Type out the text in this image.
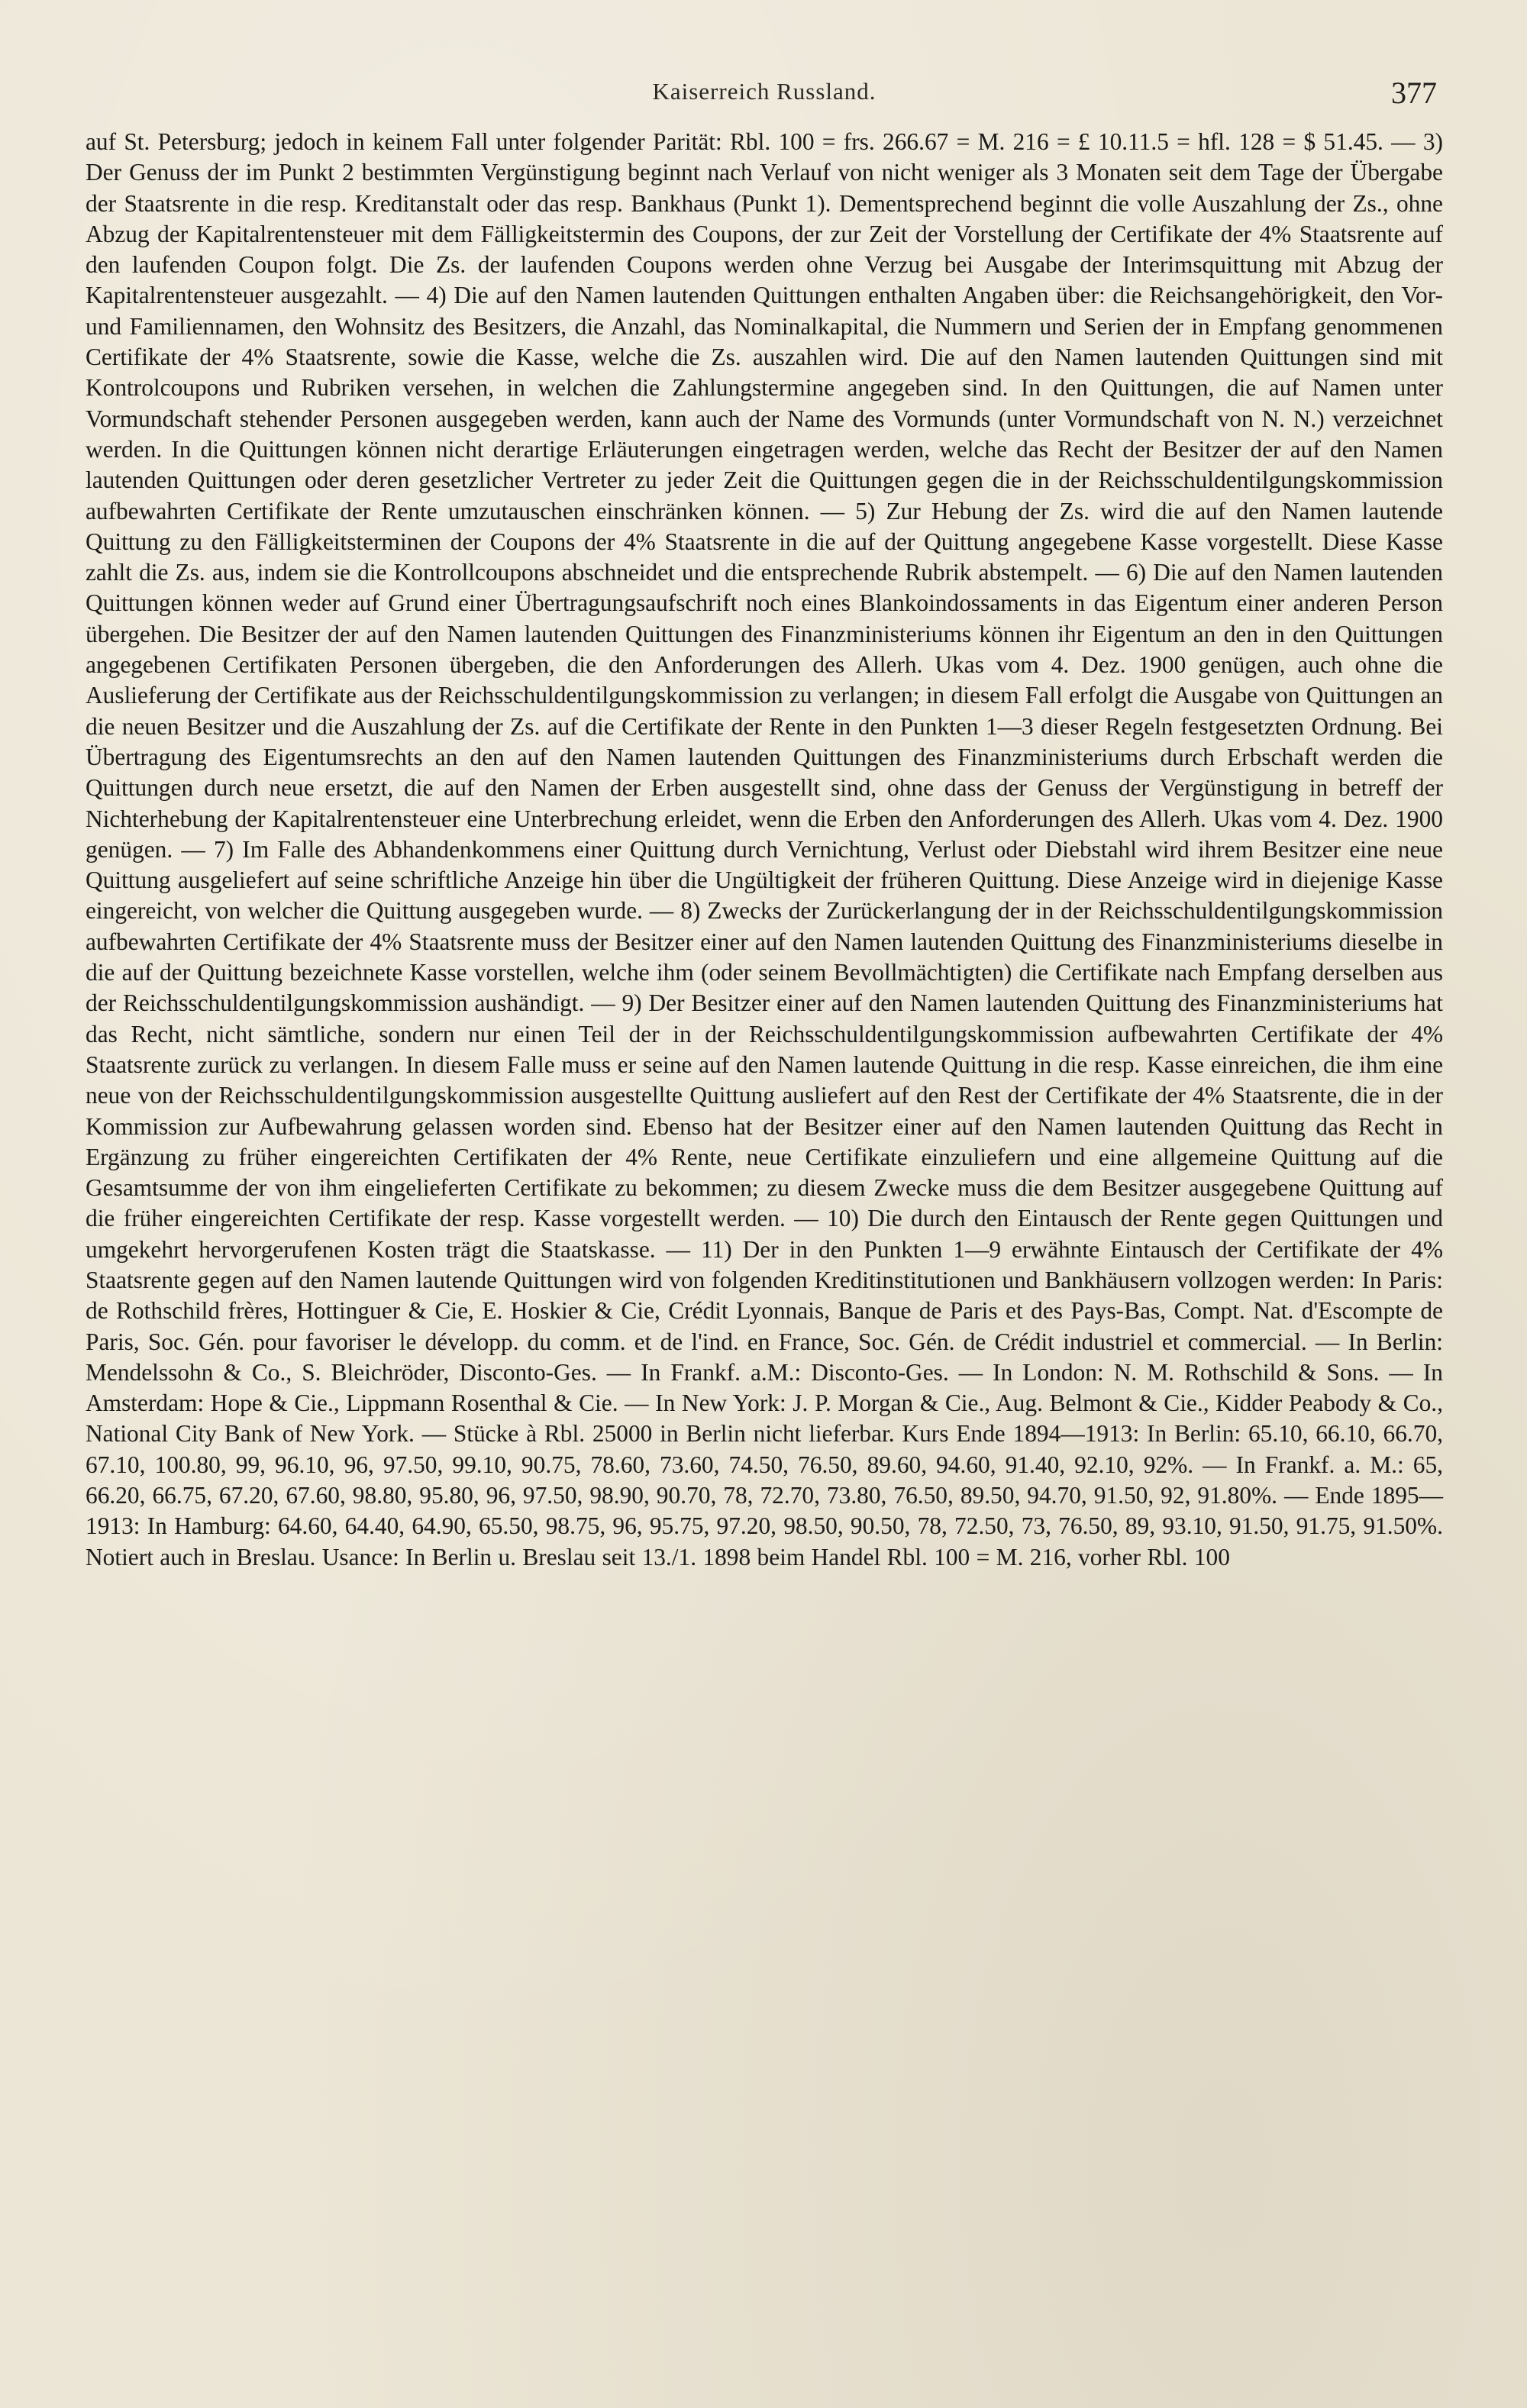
Kaiserreich Russland.	377

auf St. Petersburg; jedoch in keinem Fall unter folgender Parität: Rbl. 100 = frs. 266.67 = M. 216 = £ 10.11.5 = hfl. 128 = $ 51.45. — 3) Der Genuss der im Punkt 2 bestimmten Vergünstigung beginnt nach Verlauf von nicht weniger als 3 Monaten seit dem Tage der Übergabe der Staatsrente in die resp. Kreditanstalt oder das resp. Bankhaus (Punkt 1). Dementsprechend beginnt die volle Auszahlung der Zs., ohne Abzug der Kapitalrentensteuer mit dem Fälligkeitstermin des Coupons, der zur Zeit der Vorstellung der Certifikate der 4% Staatsrente auf den laufenden Coupon folgt. Die Zs. der laufenden Coupons werden ohne Verzug bei Ausgabe der Interimsquittung mit Abzug der Kapitalrentensteuer ausgezahlt. — 4) Die auf den Namen lautenden Quittungen enthalten Angaben über: die Reichsangehörigkeit, den Vor- und Familiennamen, den Wohnsitz des Besitzers, die Anzahl, das Nominalkapital, die Nummern und Serien der in Empfang genommenen Certifikate der 4% Staatsrente, sowie die Kasse, welche die Zs. auszahlen wird. Die auf den Namen lautenden Quittungen sind mit Kontrolcoupons und Rubriken versehen, in welchen die Zahlungstermine angegeben sind. In den Quittungen, die auf Namen unter Vormundschaft stehender Personen ausgegeben werden, kann auch der Name des Vormunds (unter Vormundschaft von N. N.) verzeichnet werden. In die Quittungen können nicht derartige Erläuterungen eingetragen werden, welche das Recht der Besitzer der auf den Namen lautenden Quittungen oder deren gesetzlicher Vertreter zu jeder Zeit die Quittungen gegen die in der Reichsschuldentilgungskommission aufbewahrten Certifikate der Rente umzutauschen einschränken können. — 5) Zur Hebung der Zs. wird die auf den Namen lautende Quittung zu den Fälligkeitsterminen der Coupons der 4% Staatsrente in die auf der Quittung angegebene Kasse vorgestellt. Diese Kasse zahlt die Zs. aus, indem sie die Kontrollcoupons abschneidet und die entsprechende Rubrik abstempelt. — 6) Die auf den Namen lautenden Quittungen können weder auf Grund einer Übertragungsaufschrift noch eines Blankoindossaments in das Eigentum einer anderen Person übergehen. Die Besitzer der auf den Namen lautenden Quittungen des Finanzministeriums können ihr Eigentum an den in den Quittungen angegebenen Certifikaten Personen übergeben, die den Anforderungen des Allerh. Ukas vom 4. Dez. 1900 genügen, auch ohne die Auslieferung der Certifikate aus der Reichsschuldentilgungskommission zu verlangen; in diesem Fall erfolgt die Ausgabe von Quittungen an die neuen Besitzer und die Auszahlung der Zs. auf die Certifikate der Rente in den Punkten 1—3 dieser Regeln festgesetzten Ordnung. Bei Übertragung des Eigentumsrechts an den auf den Namen lautenden Quittungen des Finanzministeriums durch Erbschaft werden die Quittungen durch neue ersetzt, die auf den Namen der Erben ausgestellt sind, ohne dass der Genuss der Vergünstigung in betreff der Nichterhebung der Kapitalrentensteuer eine Unterbrechung erleidet, wenn die Erben den Anforderungen des Allerh. Ukas vom 4. Dez. 1900 genügen. — 7) Im Falle des Abhandenkommens einer Quittung durch Vernichtung, Verlust oder Diebstahl wird ihrem Besitzer eine neue Quittung ausgeliefert auf seine schriftliche Anzeige hin über die Ungültigkeit der früheren Quittung. Diese Anzeige wird in diejenige Kasse eingereicht, von welcher die Quittung ausgegeben wurde. — 8) Zwecks der Zurückerlangung der in der Reichsschuldentilgungskommission aufbewahrten Certifikate der 4% Staatsrente muss der Besitzer einer auf den Namen lautenden Quittung des Finanzministeriums dieselbe in die auf der Quittung bezeichnete Kasse vorstellen, welche ihm (oder seinem Bevollmächtigten) die Certifikate nach Empfang derselben aus der Reichsschuldentilgungskommission aushändigt. — 9) Der Besitzer einer auf den Namen lautenden Quittung des Finanzministeriums hat das Recht, nicht sämtliche, sondern nur einen Teil der in der Reichsschuldentilgungskommission aufbewahrten Certifikate der 4% Staatsrente zurück zu verlangen. In diesem Falle muss er seine auf den Namen lautende Quittung in die resp. Kasse einreichen, die ihm eine neue von der Reichsschuldentilgungskommission ausgestellte Quittung ausliefert auf den Rest der Certifikate der 4% Staatsrente, die in der Kommission zur Aufbewahrung gelassen worden sind. Ebenso hat der Besitzer einer auf den Namen lautenden Quittung das Recht in Ergänzung zu früher eingereichten Certifikaten der 4% Rente, neue Certifikate einzuliefern und eine allgemeine Quittung auf die Gesamtsumme der von ihm eingelieferten Certifikate zu bekommen; zu diesem Zwecke muss die dem Besitzer ausgegebene Quittung auf die früher eingereichten Certifikate der resp. Kasse vorgestellt werden. — 10) Die durch den Eintausch der Rente gegen Quittungen und umgekehrt hervorgerufenen Kosten trägt die Staatskasse. — 11) Der in den Punkten 1—9 erwähnte Eintausch der Certifikate der 4% Staatsrente gegen auf den Namen lautende Quittungen wird von folgenden Kreditinstitutionen und Bankhäusern vollzogen werden: In Paris: de Rothschild frères, Hottinguer & Cie, E. Hoskier & Cie, Crédit Lyonnais, Banque de Paris et des Pays-Bas, Compt. Nat. d'Escompte de Paris, Soc. Gén. pour favoriser le développ. du comm. et de l'ind. en France, Soc. Gén. de Crédit industriel et commercial. — In Berlin: Mendelssohn & Co., S. Bleichröder, Disconto-Ges. — In Frankf. a.M.: Disconto-Ges. — In London: N. M. Rothschild & Sons. — In Amsterdam: Hope & Cie., Lippmann Rosenthal & Cie. — In New York: J. P. Morgan & Cie., Aug. Belmont & Cie., Kidder Peabody & Co., National City Bank of New York. — Stücke à Rbl. 25000 in Berlin nicht lieferbar. Kurs Ende 1894—1913: In Berlin: 65.10, 66.10, 66.70, 67.10, 100.80, 99, 96.10, 96, 97.50, 99.10, 90.75, 78.60, 73.60, 74.50, 76.50, 89.60, 94.60, 91.40, 92.10, 92%. — In Frankf. a. M.: 65, 66.20, 66.75, 67.20, 67.60, 98.80, 95.80, 96, 97.50, 98.90, 90.70, 78, 72.70, 73.80, 76.50, 89.50, 94.70, 91.50, 92, 91.80%. — Ende 1895—1913: In Hamburg: 64.60, 64.40, 64.90, 65.50, 98.75, 96, 95.75, 97.20, 98.50, 90.50, 78, 72.50, 73, 76.50, 89, 93.10, 91.50, 91.75, 91.50%. Notiert auch in Breslau. Usance: In Berlin u. Breslau seit 13./1. 1898 beim Handel Rbl. 100 = M. 216, vorher Rbl. 100
